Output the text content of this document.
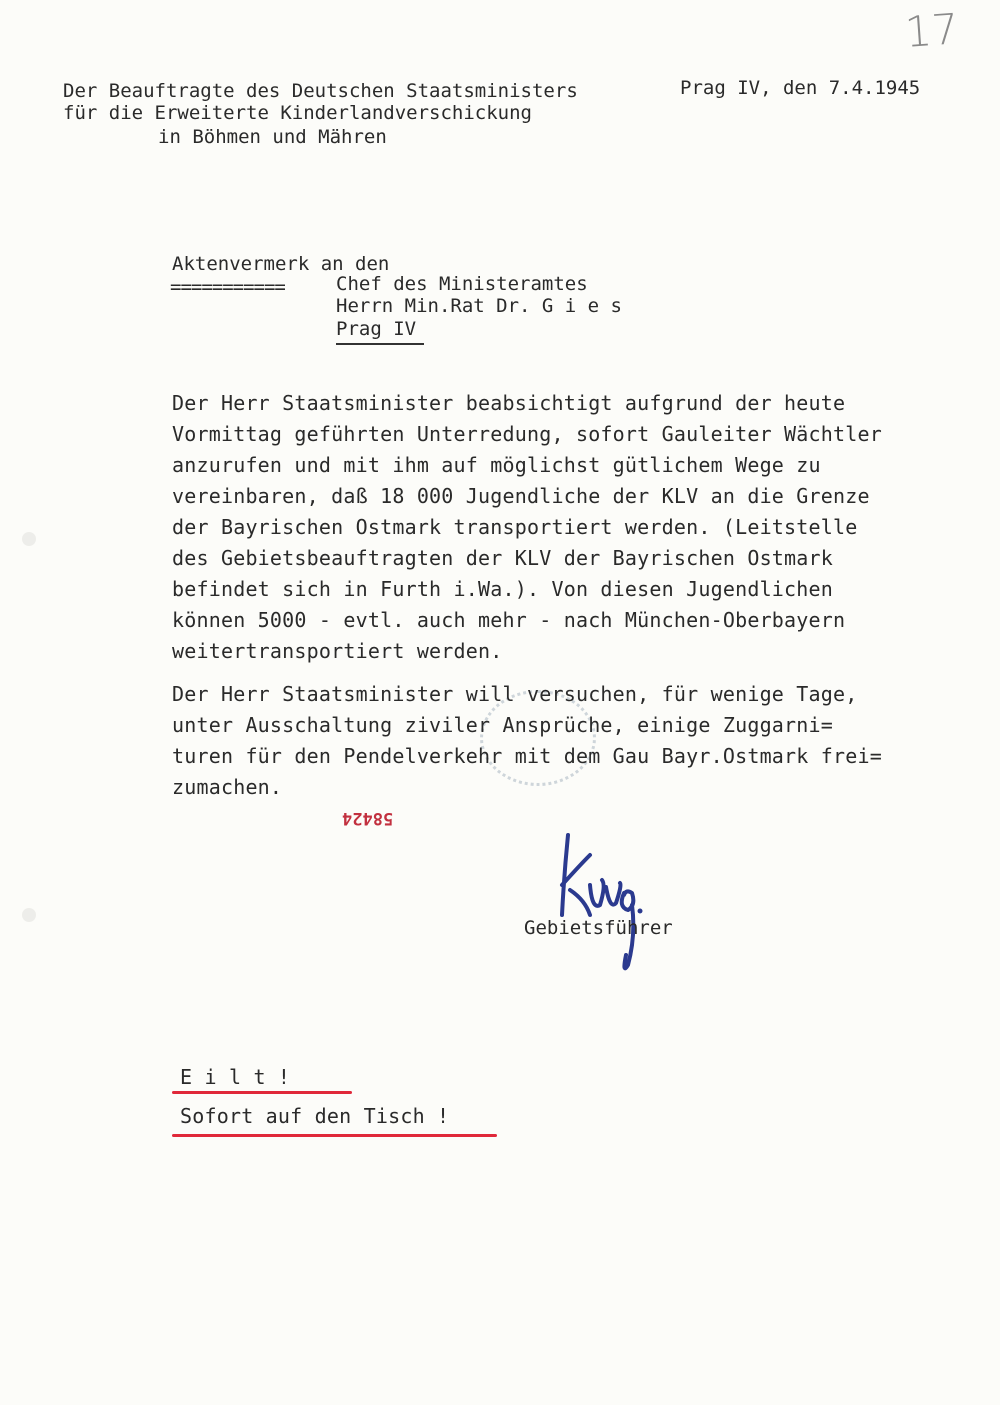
17
Der Beauftragte des Deutschen Staatsministers
für die Erweiterte Kinderlandverschickung
in Böhmen und Mähren
Prag IV, den 7.4.1945
Aktenvermerk an den
===========	Chef des Ministeramtes
Herrn Min.Rat Dr. G i e s
Prag IV
Der Herr Staatsminister beabsichtigt aufgrund der heute
Vormittag geführten Unterredung, sofort Gauleiter Wächtler
anzurufen und mit ihm auf möglichst gütlichem Wege zu
vereinbaren, daß 18 000 Jugendliche der KLV an die Grenze
der Bayrischen Ostmark transportiert werden. (Leitstelle
des Gebietsbeauftragten der KLV der Bayrischen Ostmark
befindet sich in Furth i.Wa.). Von diesen Jugendlichen
können 5000 - evtl. auch mehr - nach München-Oberbayern
weitertransportiert werden.
Der Herr Staatsminister will versuchen, für wenige Tage,
unter Ausschaltung ziviler Ansprüche, einige Zuggarni=
turen für den Pendelverkehr mit dem Gau Bayr.Ostmark frei=
zumachen.
58424
Gebietsführer
E i l t !
Sofort auf den Tisch !
